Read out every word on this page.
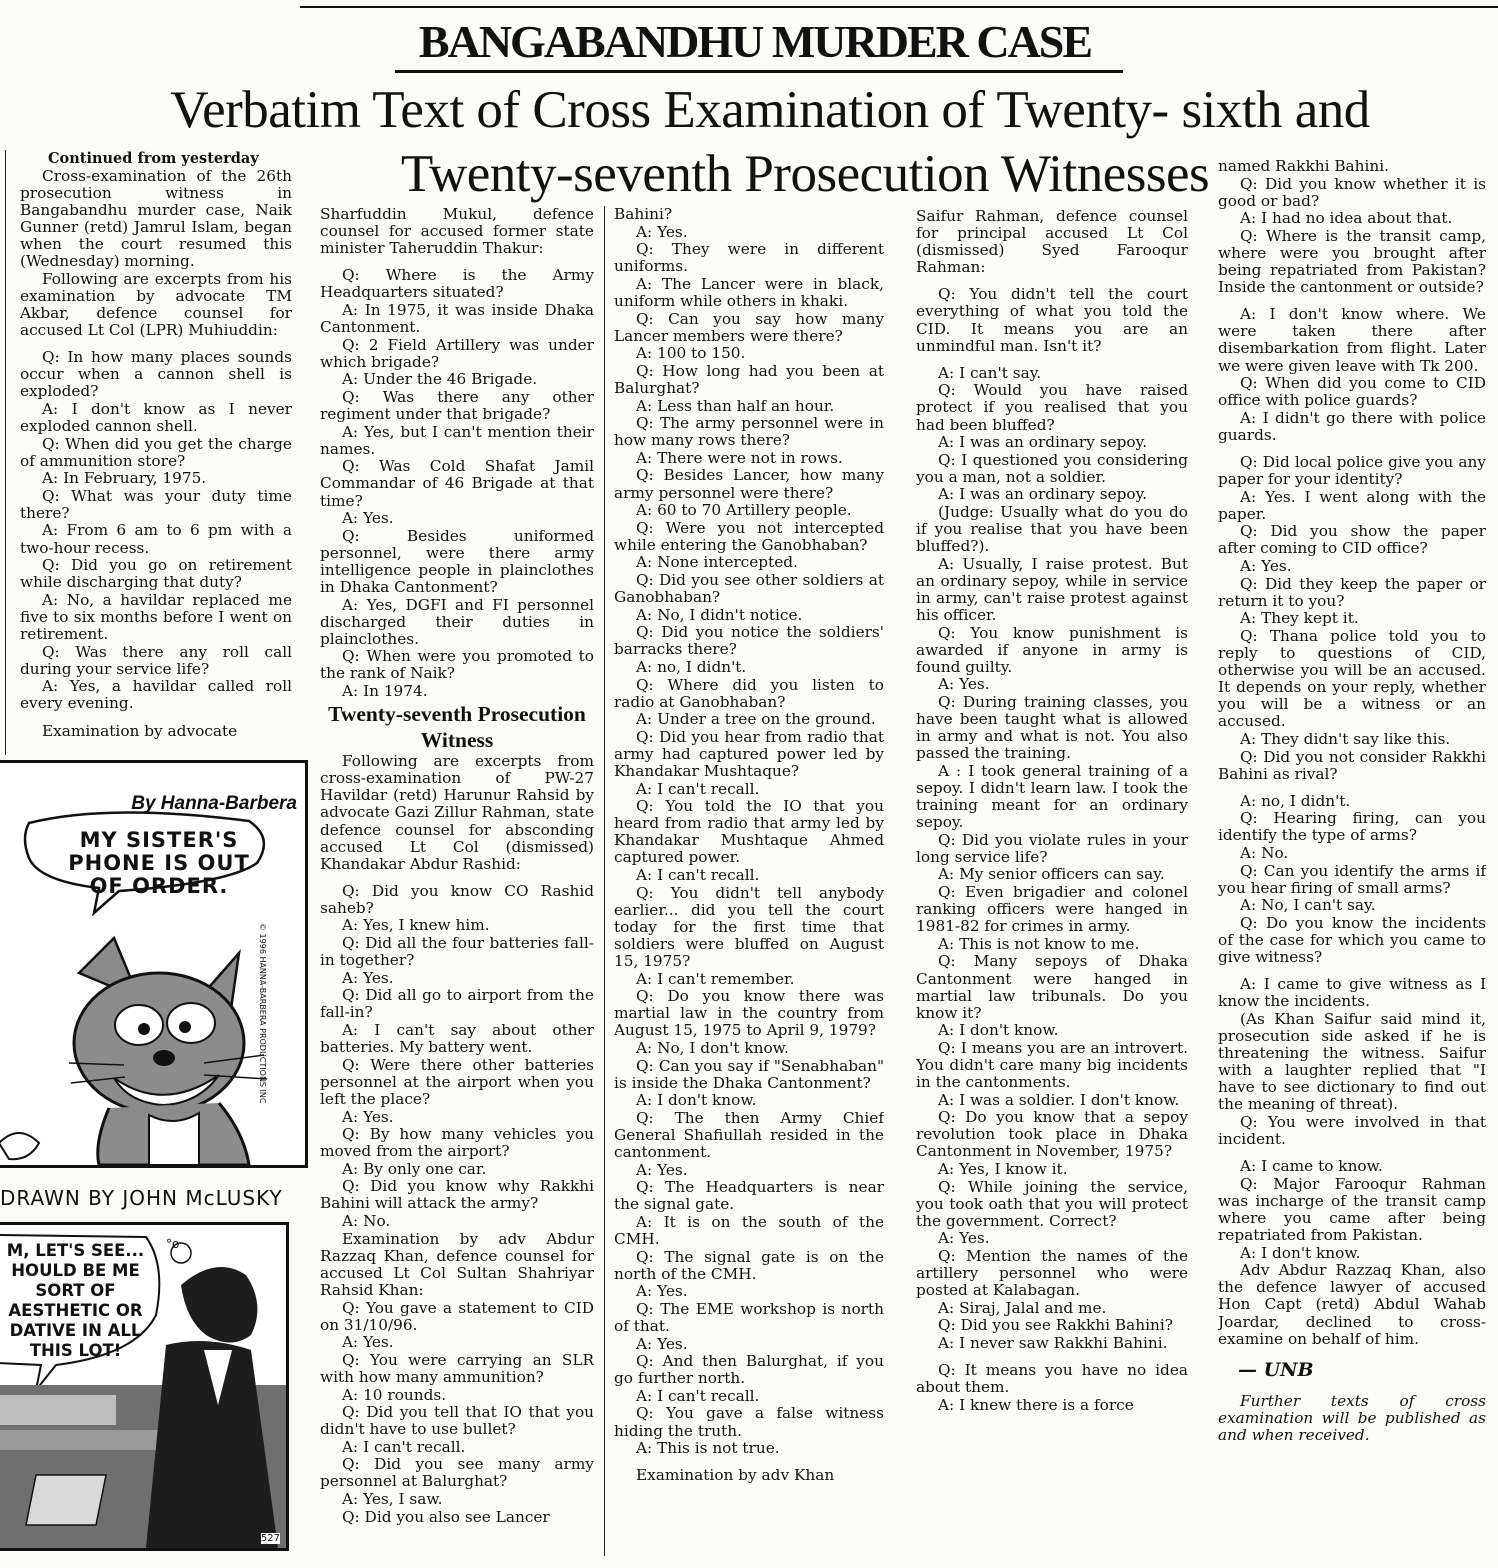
BANGABANDHU MURDER CASE
Verbatim Text of Cross Examination of Twenty- sixth and
Twenty-seventh Prosecution Witnesses

Continued from yesterday

Cross-examination of the 26th prosecution witness in Bangabandhu murder case, Naik Gunner (retd) Jamrul Islam, began when the court resumed this (Wednesday) morning.

Following are excerpts from his examination by advocate TM Akbar, defence counsel for accused Lt Col (LPR) Muhiuddin:

Q: In how many places sounds occur when a cannon shell is exploded?

A: I don't know as I never exploded cannon shell.

Q: When did you get the charge of ammunition store?

A: In February, 1975.

Q: What was your duty time there?

A: From 6 am to 6 pm with a two-hour recess.

Q: Did you go on retirement while discharging that duty?

A: No, a havildar replaced me five to six months before I went on retirement.

Q: Was there any roll call during your service life?

A: Yes, a havildar called roll every evening.

Examination by advocate

By Hanna-Barbera
MY SISTER'S PHONE IS OUT OF ORDER.
© 1996 HANNA-BARBERA PRODUCTIONS INC
DRAWN BY JOHN McLUSKY
M, LET'S SEE... HOULD BE ME SORT OF AESTHETIC OR DATIVE IN ALL THIS LOT!
°o
527

Sharfuddin Mukul, defence counsel for accused former state minister Taheruddin Thakur:

Q: Where is the Army Headquarters situated?

A: In 1975, it was inside Dhaka Cantonment.

Q: 2 Field Artillery was under which brigade?

A: Under the 46 Brigade.

Q: Was there any other regiment under that brigade?

A: Yes, but I can't mention their names.

Q: Was Cold Shafat Jamil Commandar of 46 Brigade at that time?

A: Yes.

Q: Besides uniformed personnel, were there army intelligence people in plainclothes in Dhaka Cantonment?

A: Yes, DGFI and FI personnel discharged their duties in plainclothes.

Q: When were you promoted to the rank of Naik?

A: In 1974.

Twenty-seventh Prosecution Witness

Following are excerpts from cross-examination of PW-27 Havildar (retd) Harunur Rahsid by advocate Gazi Zillur Rahman, state defence counsel for absconding accused Lt Col (dismissed) Khandakar Abdur Rashid:

Q: Did you know CO Rashid saheb?

A: Yes, I knew him.

Q: Did all the four batteries fall-in together?

A: Yes.

Q: Did all go to airport from the fall-in?

A: I can't say about other batteries. My battery went.

Q: Were there other batteries personnel at the airport when you left the place?

A: Yes.

Q: By how many vehicles you moved from the airport?

A: By only one car.

Q: Did you know why Rakkhi Bahini will attack the army?

A: No.

Examination by adv Abdur Razzaq Khan, defence counsel for accused Lt Col Sultan Shahriyar Rahsid Khan:

Q: You gave a statement to CID on 31/10/96.

A: Yes.

Q: You were carrying an SLR with how many ammunition?

A: 10 rounds.

Q: Did you tell that IO that you didn't have to use bullet?

A: I can't recall.

Q: Did you see many army personnel at Balurghat?

A: Yes, I saw.

Q: Did you also see Lancer

Bahini?

A: Yes.

Q: They were in different uniforms.

A: The Lancer were in black, uniform while others in khaki.

Q: Can you say how many Lancer members were there?

A: 100 to 150.

Q: How long had you been at Balurghat?

A: Less than half an hour.

Q: The army personnel were in how many rows there?

A: There were not in rows.

Q: Besides Lancer, how many army personnel were there?

A: 60 to 70 Artillery people.

Q: Were you not intercepted while entering the Ganobhaban?

A: None intercepted.

Q: Did you see other soldiers at Ganobhaban?

A: No, I didn't notice.

Q: Did you notice the soldiers' barracks there?

A: no, I didn't.

Q: Where did you listen to radio at Ganobhaban?

A: Under a tree on the ground.

Q: Did you hear from radio that army had captured power led by Khandakar Mushtaque?

A: I can't recall.

Q: You told the IO that you heard from radio that army led by Khandakar Mushtaque Ahmed captured power.

A: I can't recall.

Q: You didn't tell anybody earlier... did you tell the court today for the first time that soldiers were bluffed on August 15, 1975?

A: I can't remember.

Q: Do you know there was martial law in the country from August 15, 1975 to April 9, 1979?

A: No, I don't know.

Q: Can you say if "Senabhaban" is inside the Dhaka Cantonment?

A: I don't know.

Q: The then Army Chief General Shafiullah resided in the cantonment.

A: Yes.

Q: The Headquarters is near the signal gate.

A: It is on the south of the CMH.

Q: The signal gate is on the north of the CMH.

A: Yes.

Q: The EME workshop is north of that.

A: Yes.

Q: And then Balurghat, if you go further north.

A: I can't recall.

Q: You gave a false witness hiding the truth.

A: This is not true.

Examination by adv Khan

Saifur Rahman, defence counsel for principal accused Lt Col (dismissed) Syed Farooqur Rahman:

Q: You didn't tell the court everything of what you told the CID. It means you are an unmindful man. Isn't it?

A: I can't say.

Q: Would you have raised protect if you realised that you had been bluffed?

A: I was an ordinary sepoy.

Q: I questioned you considering you a man, not a soldier.

A: I was an ordinary sepoy.

(Judge: Usually what do you do if you realise that you have been bluffed?).

A: Usually, I raise protest. But an ordinary sepoy, while in service in army, can't raise protest against his officer.

Q: You know punishment is awarded if anyone in army is found guilty.

A: Yes.

Q: During training classes, you have been taught what is allowed in army and what is not. You also passed the training.

A : I took general training of a sepoy. I didn't learn law. I took the training meant for an ordinary sepoy.

Q: Did you violate rules in your long service life?

A: My senior officers can say.

Q: Even brigadier and colonel ranking officers were hanged in 1981-82 for crimes in army.

A: This is not know to me.

Q: Many sepoys of Dhaka Cantonment were hanged in martial law tribunals. Do you know it?

A: I don't know.

Q: I means you are an introvert. You didn't care many big incidents in the cantonments.

A: I was a soldier. I don't know.

Q: Do you know that a sepoy revolution took place in Dhaka Cantonment in November, 1975?

A: Yes, I know it.

Q: While joining the service, you took oath that you will protect the government. Correct?

A: Yes.

Q: Mention the names of the artillery personnel who were posted at Kalabagan.

A: Siraj, Jalal and me.

Q: Did you see Rakkhi Bahini?

A: I never saw Rakkhi Bahini.

Q: It means you have no idea about them.

A: I knew there is a force

named Rakkhi Bahini.

Q: Did you know whether it is good or bad?

A: I had no idea about that.

Q: Where is the transit camp, where were you brought after being repatriated from Pakistan? Inside the cantonment or outside?

A: I don't know where. We were taken there after disembarkation from flight. Later we were given leave with Tk 200.

Q: When did you come to CID office with police guards?

A: I didn't go there with police guards.

Q: Did local police give you any paper for your identity?

A: Yes. I went along with the paper.

Q: Did you show the paper after coming to CID office?

A: Yes.

Q: Did they keep the paper or return it to you?

A: They kept it.

Q: Thana police told you to reply to questions of CID, otherwise you will be an accused. It depends on your reply, whether you will be a witness or an accused.

A: They didn't say like this.

Q: Did you not consider Rakkhi Bahini as rival?

A: no, I didn't.

Q: Hearing firing, can you identify the type of arms?

A: No.

Q: Can you identify the arms if you hear firing of small arms?

A: No, I can't say.

Q: Do you know the incidents of the case for which you came to give witness?

A: I came to give witness as I know the incidents.

(As Khan Saifur said mind it, prosecution side asked if he is threatening the witness. Saifur with a laughter replied that "I have to see dictionary to find out the meaning of threat).

Q: You were involved in that incident.

A: I came to know.

Q: Major Farooqur Rahman was incharge of the transit camp where you came after being repatriated from Pakistan.

A: I don't know.

Adv Abdur Razzaq Khan, also the defence lawyer of accused Hon Capt (retd) Abdul Wahab Joardar, declined to cross-examine on behalf of him.

— UNB

Further texts of cross examination will be published as and when received.
